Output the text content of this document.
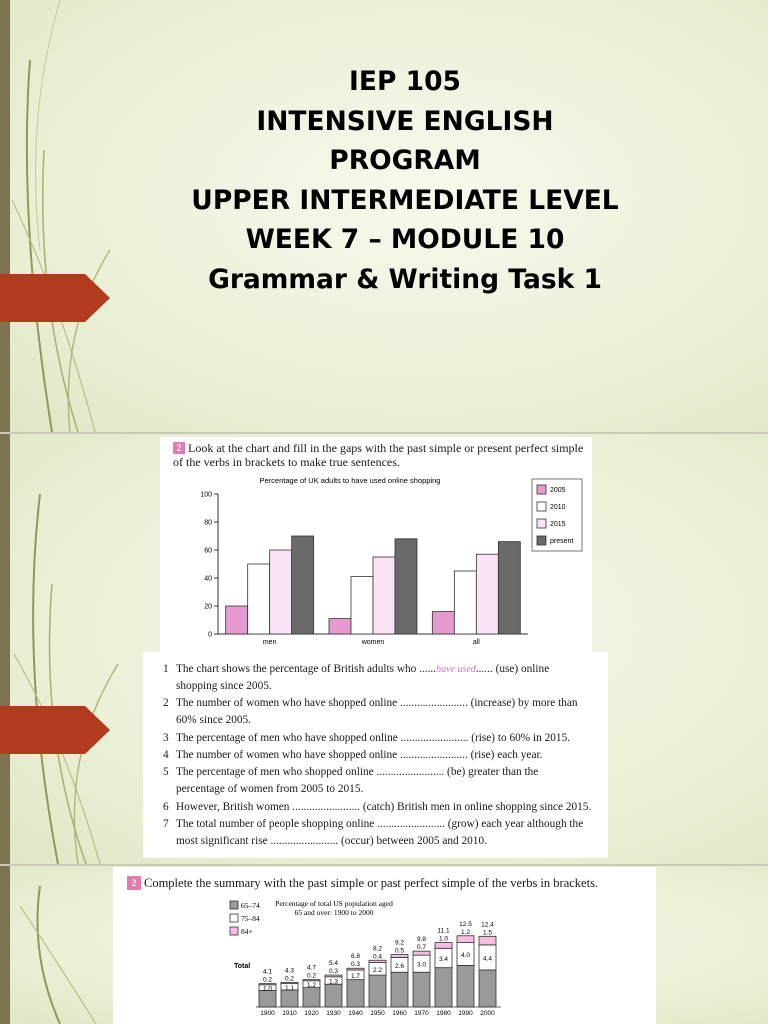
IEP 105
INTENSIVE ENGLISH
PROGRAM
UPPER INTERMEDIATE LEVEL
WEEK 7 – MODULE 10
Grammar & Writing Task 1
2 Look at the chart and fill in the gaps with the past simple or present perfect simple of the verbs in brackets to make true sentences.
Percentage of UK adults to have used online shopping
0
20
40
60
80
100
men	women	all
2005
2010
2015
present
1 The chart shows the percentage of British adults who ......have used...... (use) online
shopping since 2005.
2 The number of women who have shopped online ........................ (increase) by more than
60% since 2005.
3 The percentage of men who have shopped online ........................ (rise) to 60% in 2015.
4 The number of women who have shopped online ........................ (rise) each year.
5 The percentage of men who shopped online ........................ (be) greater than the
percentage of women from 2005 to 2015.
6 However, British women ........................ (catch) British men in online shopping since 2015.
7 The total number of people shopping online ........................ (grow) each year although the
most significant rise ........................ (occur) between 2005 and 2010.
2 Complete the summary with the past simple or past perfect simple of the verbs in brackets.
Percentage of total US population aged
65 and over: 1900 to 2000
65–74
75–84
84+
Total
1.0
0.2
4.1
1900
1.1
0.2
4.3
1910
1.2
0.2
4.7
1920
1.3
0.3
5.4
1930
1.7
0.3
6.8
1940
2.2
0.4
8.2
1950
2.6
0.5
9.2
1960
3.0
0.7
9.8
1970
3.4
1.0
11.1
1980
4.0
1.2
12.5
1990
4.4
1.5
12.4
2000
